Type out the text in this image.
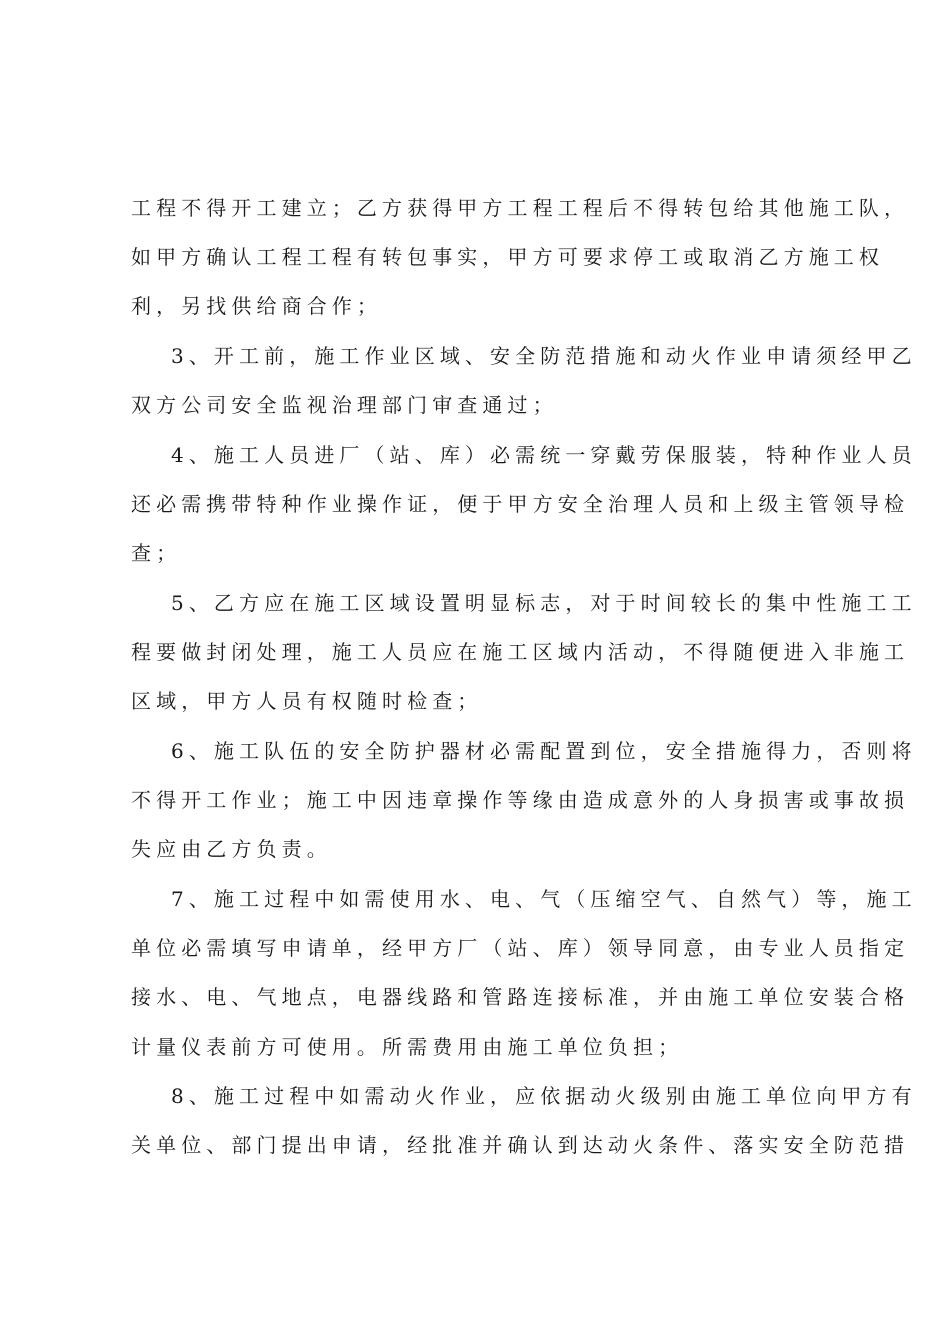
工程不得开工建立；乙方获得甲方工程工程后不得转包给其他施工队，
如甲方确认工程工程有转包事实，甲方可要求停工或取消乙方施工权
利，另找供给商合作；
3、开工前，施工作业区域、安全防范措施和动火作业申请须经甲乙
双方公司安全监视治理部门审查通过；
4、施工人员进厂（站、库）必需统一穿戴劳保服装，特种作业人员
还必需携带特种作业操作证，便于甲方安全治理人员和上级主管领导检
查；
5、乙方应在施工区域设置明显标志，对于时间较长的集中性施工工
程要做封闭处理，施工人员应在施工区域内活动，不得随便进入非施工
区域，甲方人员有权随时检查；
6、施工队伍的安全防护器材必需配置到位，安全措施得力，否则将
不得开工作业；施工中因违章操作等缘由造成意外的人身损害或事故损
失应由乙方负责。
7、施工过程中如需使用水、电、气（压缩空气、自然气）等，施工
单位必需填写申请单，经甲方厂（站、库）领导同意，由专业人员指定
接水、电、气地点，电器线路和管路连接标准，并由施工单位安装合格
计量仪表前方可使用。所需费用由施工单位负担；
8、施工过程中如需动火作业，应依据动火级别由施工单位向甲方有
关单位、部门提出申请，经批准并确认到达动火条件、落实安全防范措
